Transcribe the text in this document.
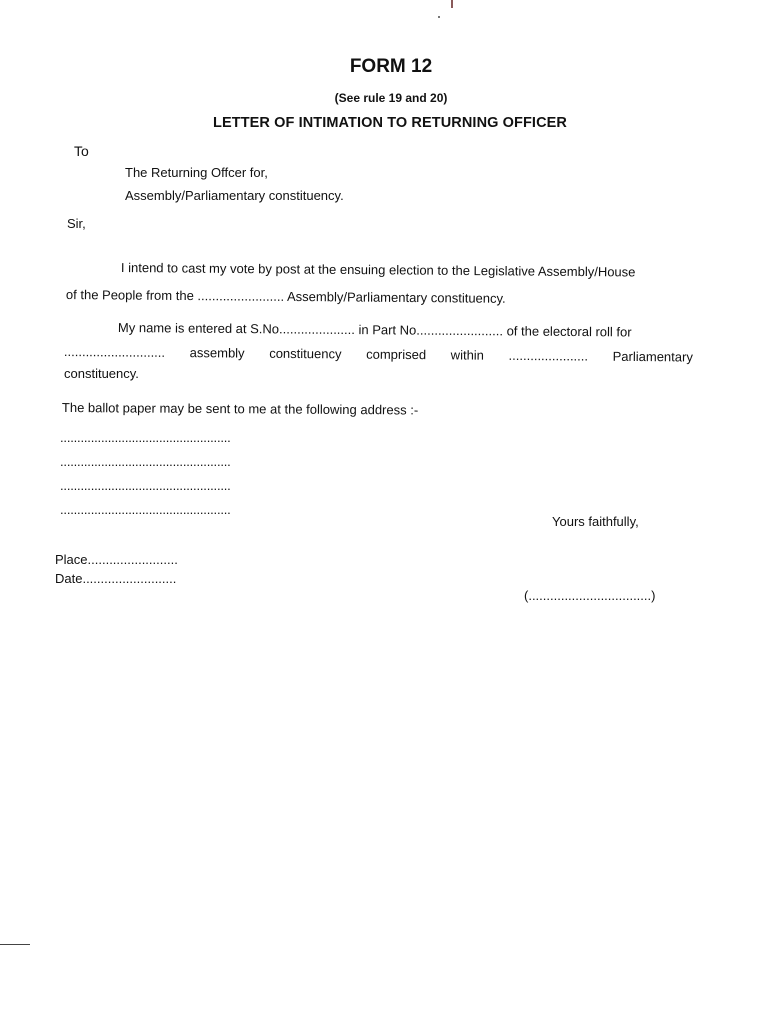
FORM 12
(See rule 19 and 20)
LETTER OF INTIMATION TO RETURNING OFFICER
To
The Returning Offcer for,
Assembly/Parliamentary constituency.
Sir,
I intend to cast my vote by post at the ensuing election to the Legislative Assembly/House
of the People from the ........................ Assembly/Parliamentary constituency.
My name is entered at S.No..................... in Part No........................ of the electoral roll for
............................ assembly constituency comprised within ...................... Parliamentary
constituency.
The ballot paper may be sent to me at the following address :-
..................................................
..................................................
..................................................
..................................................
Yours faithfully,
Place.........................
Date..........................
(..................................)
